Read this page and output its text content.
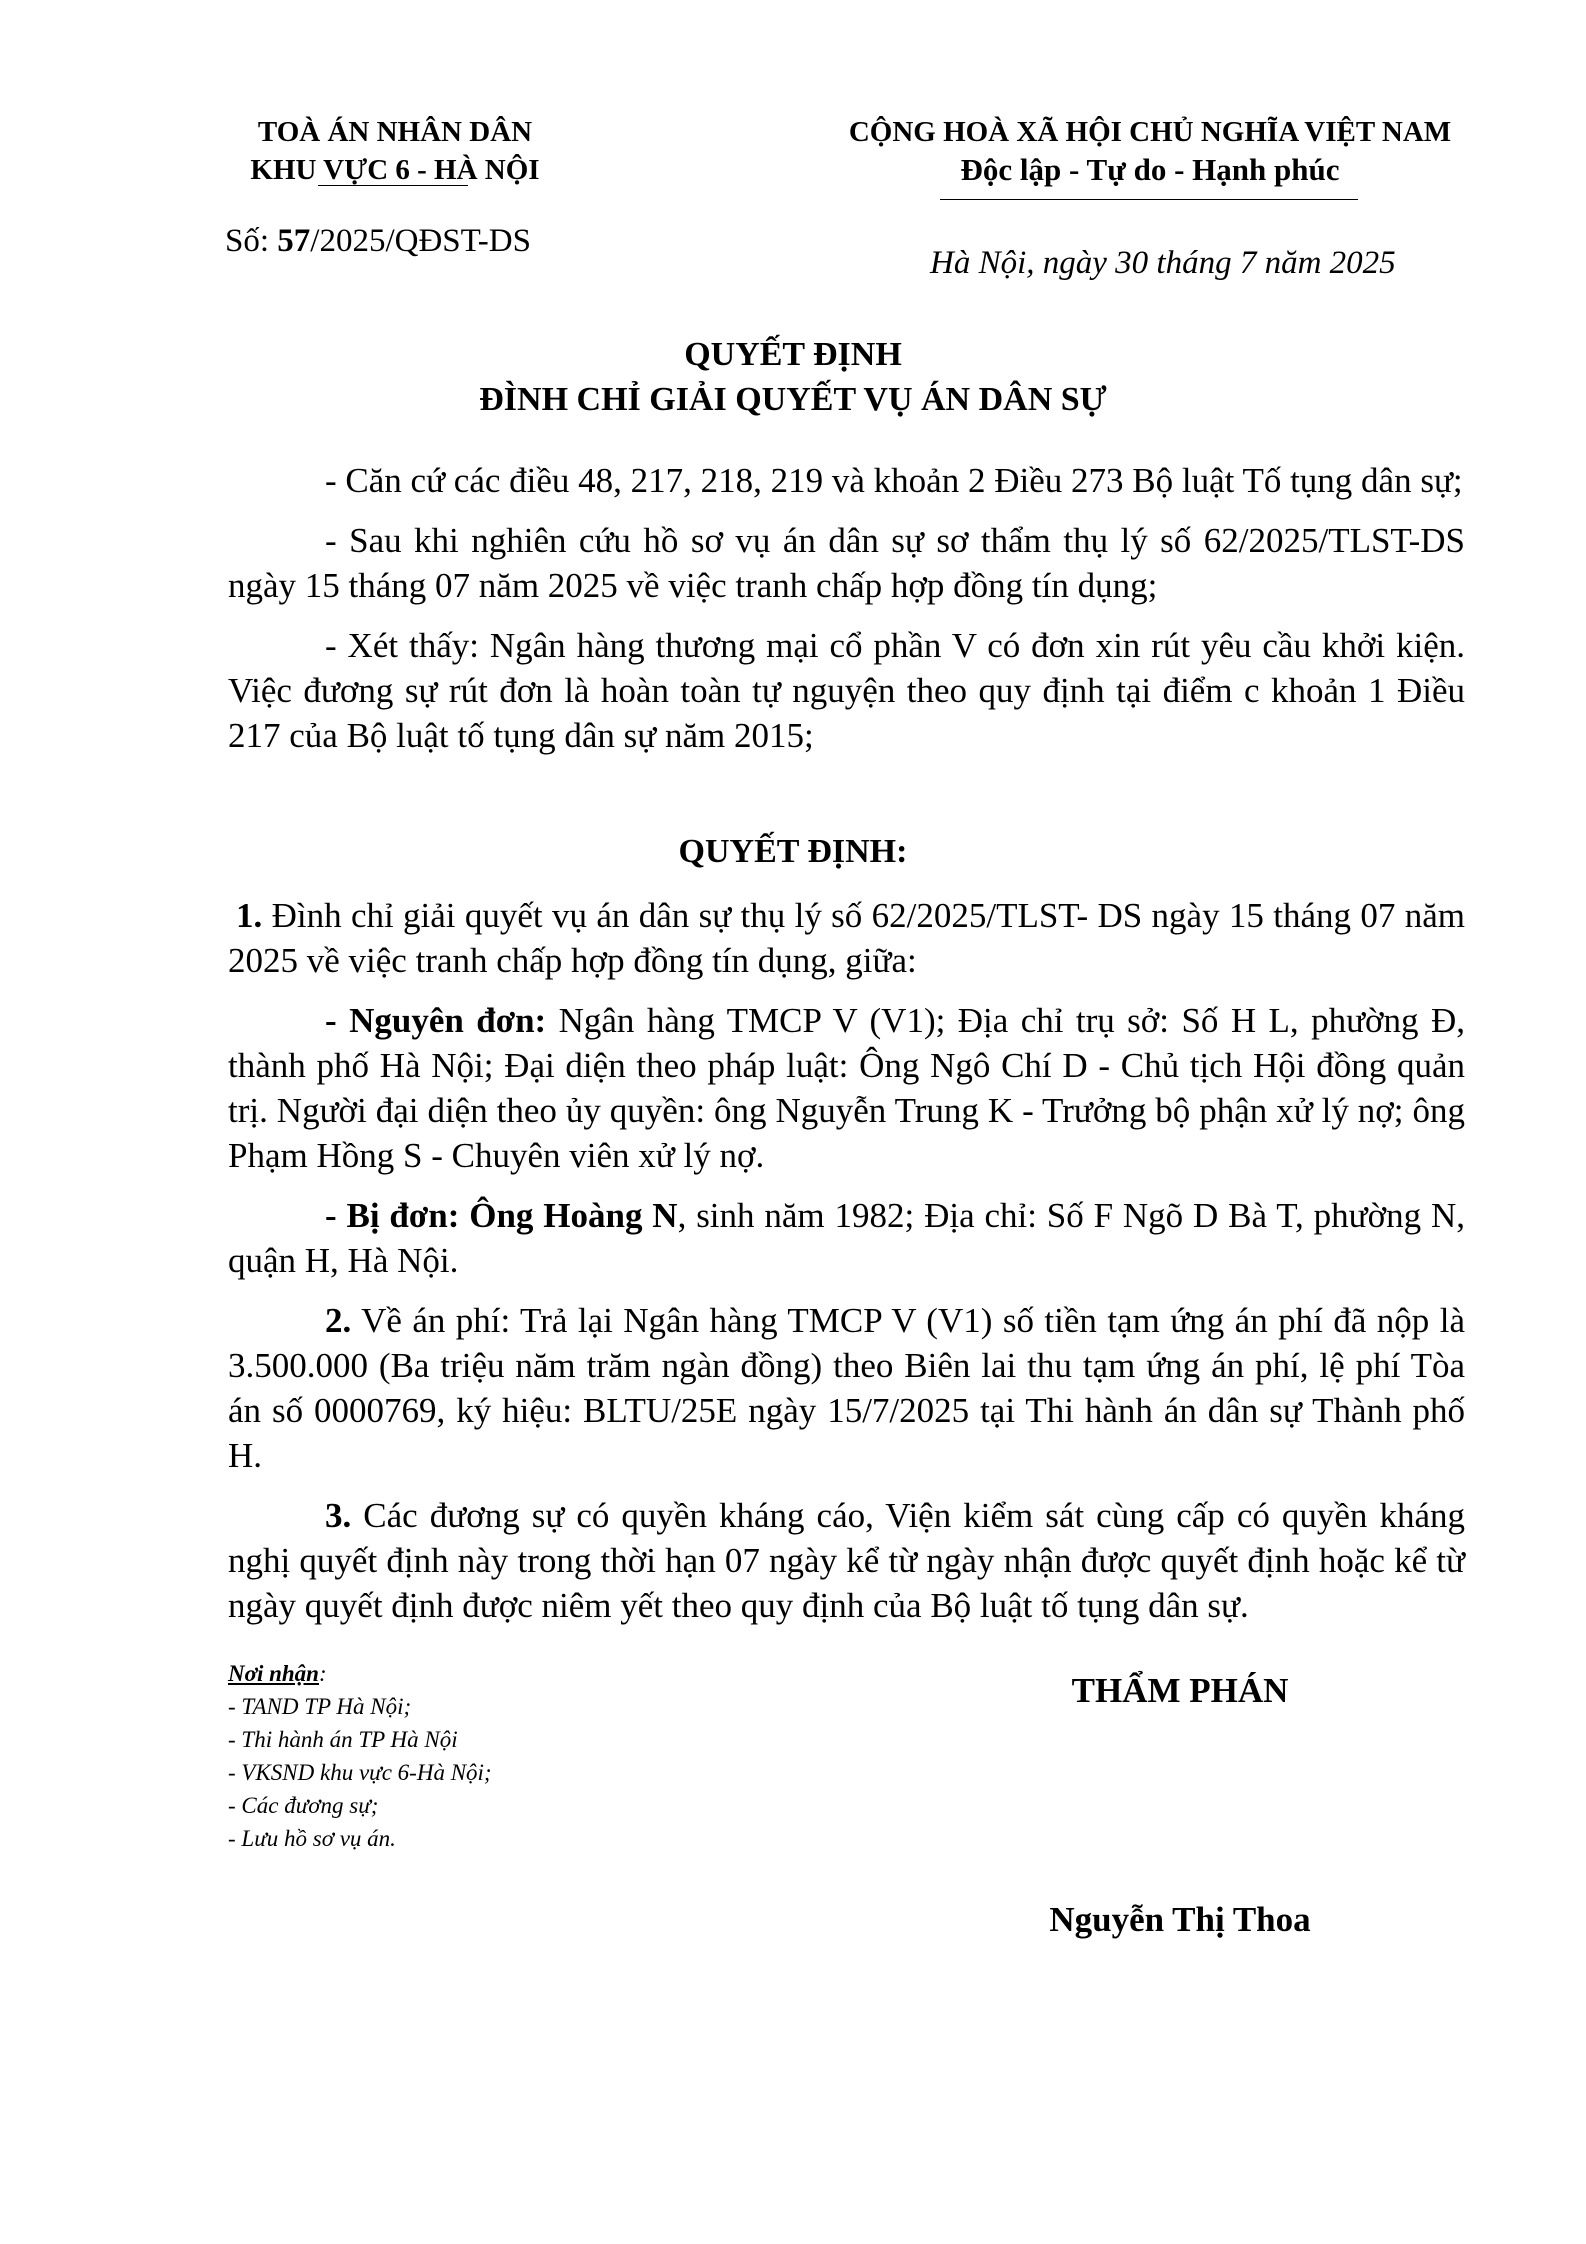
TOÀ ÁN NHÂN DÂN
KHU VỰC 6 - HÀ NỘI
Số: 57/2025/QĐST-DS
CỘNG HOÀ XÃ HỘI CHỦ NGHĨA VIỆT NAM
Độc lập - Tự do - Hạnh phúc
Hà Nội, ngày 30 tháng 7 năm 2025
QUYẾT ĐỊNH
ĐÌNH CHỈ GIẢI QUYẾT VỤ ÁN DÂN SỰ

- Căn cứ các điều 48, 217, 218, 219 và khoản 2 Điều 273 Bộ luật Tố tụng dân sự;

- Sau khi nghiên cứu hồ sơ vụ án dân sự sơ thẩm thụ lý số 62/2025/TLST-DS ngày 15 tháng 07 năm 2025 về việc tranh chấp hợp đồng tín dụng;

- Xét thấy: Ngân hàng thương mại cổ phần V có đơn xin rút yêu cầu khởi kiện. Việc đương sự rút đơn là hoàn toàn tự nguyện theo quy định tại điểm c khoản 1 Điều 217 của Bộ luật tố tụng dân sự năm 2015;

QUYẾT ĐỊNH:

1. Đình chỉ giải quyết vụ án dân sự thụ lý số 62/2025/TLST- DS ngày 15 tháng 07 năm 2025 về việc tranh chấp hợp đồng tín dụng, giữa:

- Nguyên đơn: Ngân hàng TMCP V (V1); Địa chỉ trụ sở: Số H L, phường Đ, thành phố Hà Nội; Đại diện theo pháp luật: Ông Ngô Chí D - Chủ tịch Hội đồng quản trị. Người đại diện theo ủy quyền: ông Nguyễn Trung K - Trưởng bộ phận xử lý nợ; ông Phạm Hồng S - Chuyên viên xử lý nợ.

- Bị đơn: Ông Hoàng N, sinh năm 1982; Địa chỉ: Số F Ngõ D Bà T, phường N, quận H, Hà Nội.

2. Về án phí: Trả lại Ngân hàng TMCP V (V1) số tiền tạm ứng án phí đã nộp là 3.500.000 (Ba triệu năm trăm ngàn đồng) theo Biên lai thu tạm ứng án phí, lệ phí Tòa án số 0000769, ký hiệu: BLTU/25E ngày 15/7/2025 tại Thi hành án dân sự Thành phố H.

3. Các đương sự có quyền kháng cáo, Viện kiểm sát cùng cấp có quyền kháng nghị quyết định này trong thời hạn 07 ngày kể từ ngày nhận được quyết định hoặc kể từ ngày quyết định được niêm yết theo quy định của Bộ luật tố tụng dân sự.

Nơi nhận:
- TAND TP Hà Nội;
- Thi hành án TP Hà Nội
- VKSND khu vực 6-Hà Nội;
- Các đương sự;
- Lưu hồ sơ vụ án.
THẨM PHÁN
Nguyễn Thị Thoa
